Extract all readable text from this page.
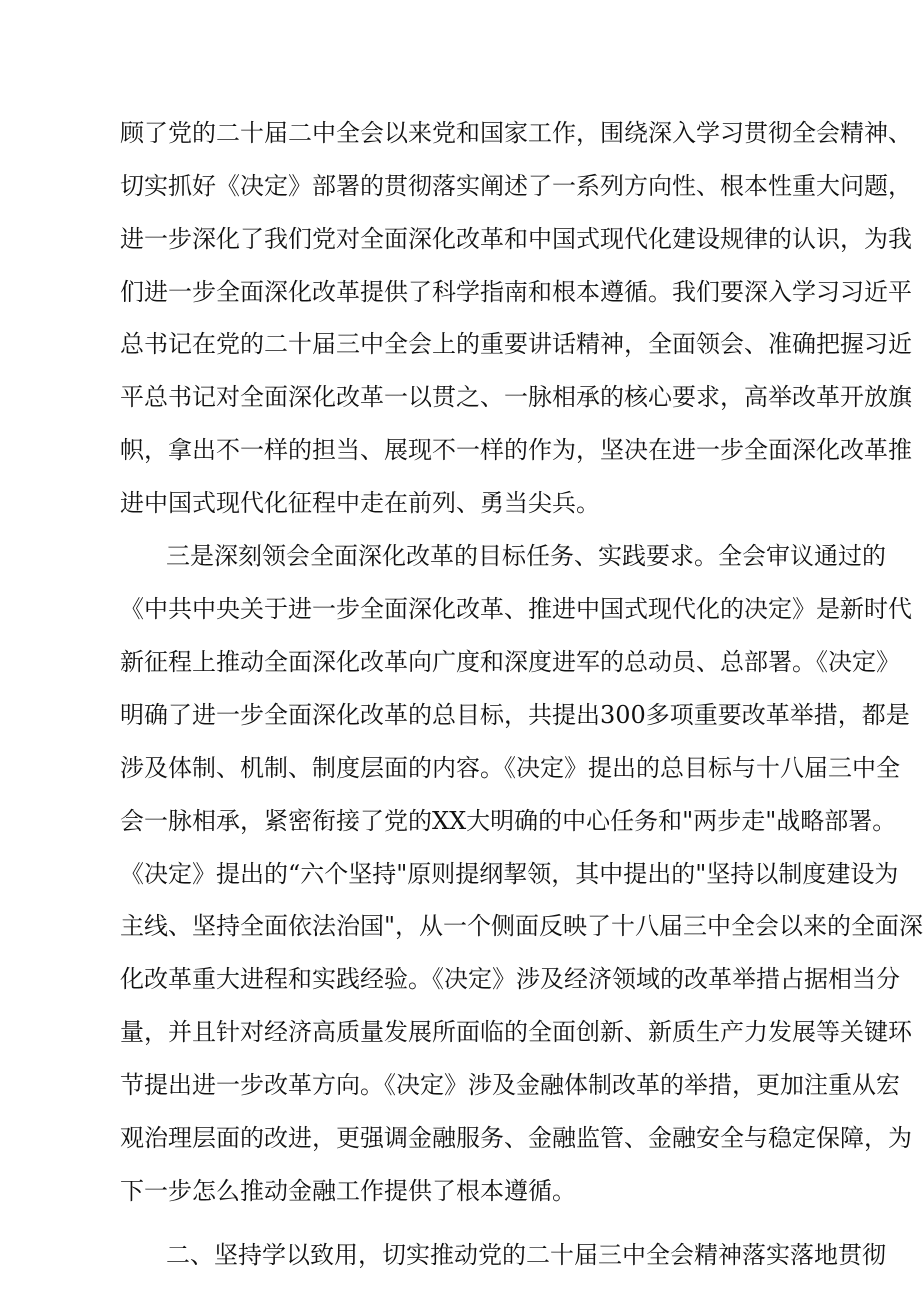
顾了党的二十届二中全会以来党和国家工作，围绕深入学习贯彻全会精神、
切实抓好《决定》部署的贯彻落实阐述了一系列方向性、根本性重大问题，
进一步深化了我们党对全面深化改革和中国式现代化建设规律的认识，为我
们进一步全面深化改革提供了科学指南和根本遵循。我们要深入学习习近平
总书记在党的二十届三中全会上的重要讲话精神，全面领会、准确把握习近
平总书记对全面深化改革一以贯之、一脉相承的核心要求，高举改革开放旗
帜，拿出不一样的担当、展现不一样的作为，坚决在进一步全面深化改革推
进中国式现代化征程中走在前列、勇当尖兵。
三是深刻领会全面深化改革的目标任务、实践要求。全会审议通过的
《中共中央关于进一步全面深化改革、推进中国式现代化的决定》是新时代
新征程上推动全面深化改革向广度和深度进军的总动员、总部署。《决定》
明确了进一步全面深化改革的总目标，共提出300多项重要改革举措，都是
涉及体制、机制、制度层面的内容。《决定》提出的总目标与十八届三中全
会一脉相承，紧密衔接了党的XX大明确的中心任务和"两步走"战略部署。
《决定》提出的“六个坚持"原则提纲挈领，其中提出的"坚持以制度建设为
主线、坚持全面依法治国"，从一个侧面反映了十八届三中全会以来的全面深
化改革重大进程和实践经验。《决定》涉及经济领域的改革举措占据相当分
量，并且针对经济高质量发展所面临的全面创新、新质生产力发展等关键环
节提出进一步改革方向。《决定》涉及金融体制改革的举措，更加注重从宏
观治理层面的改进，更强调金融服务、金融监管、金融安全与稳定保障，为
下一步怎么推动金融工作提供了根本遵循。
二、坚持学以致用，切实推动党的二十届三中全会精神落实落地贯彻
